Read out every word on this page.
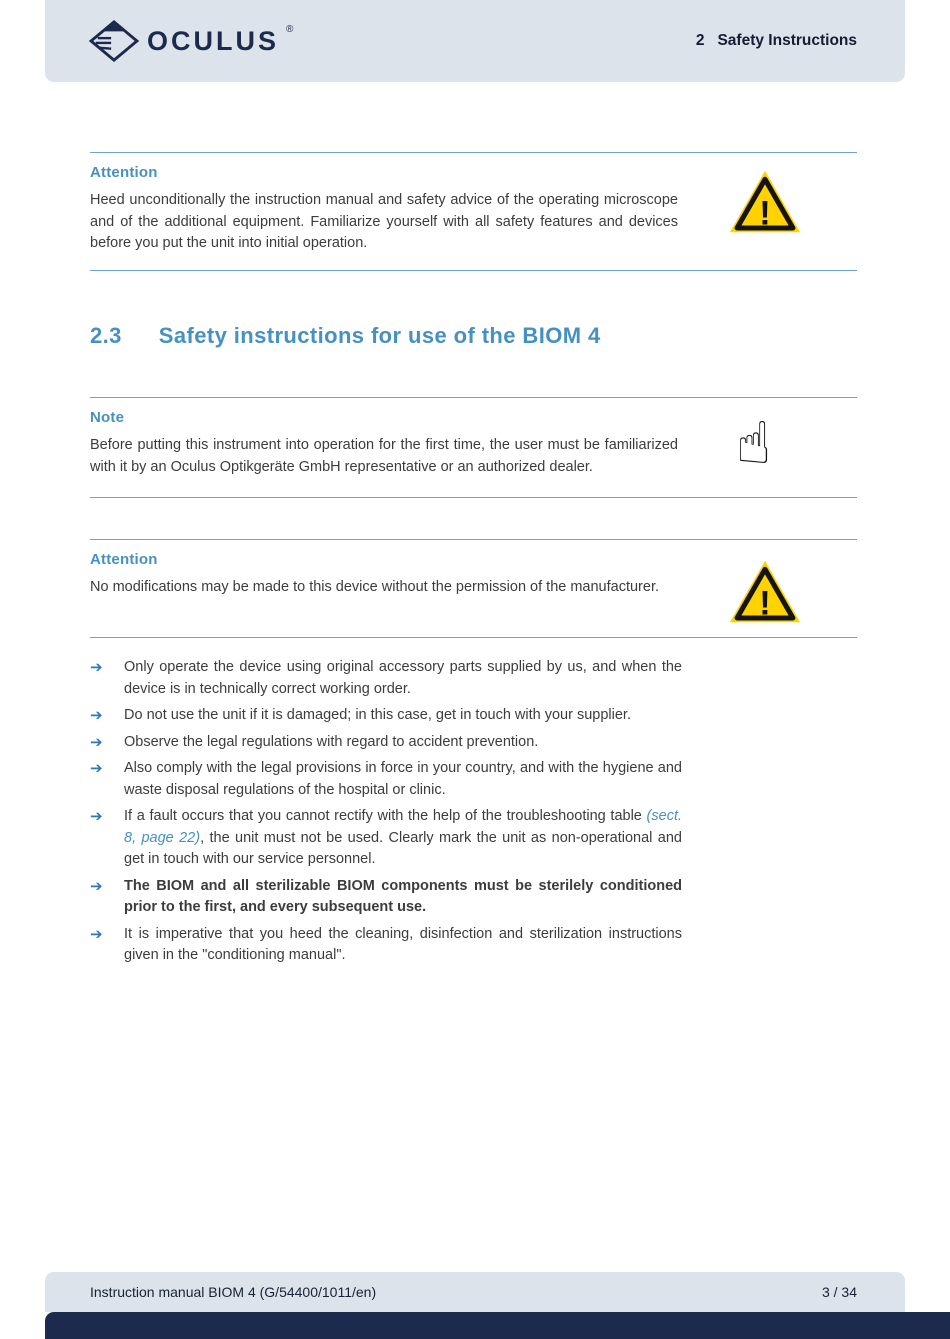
OCULUS ®
2 Safety Instructions
Attention

Heed unconditionally the instruction manual and safety advice of the operating microscope and of the additional equipment. Familiarize yourself with all safety features and devices before you put the unit into initial operation.

!
2.3 Safety instructions for use of the BIOM 4
Note

Before putting this instrument into operation for the first time, the user must be familiarized with it by an Oculus Optikgeräte GmbH representative or an authorized dealer.	☝
Attention

No modifications may be made to this device without the permission of the manufacturer.	!
➔	Only operate the device using original accessory parts supplied by us, and when the device is in technically correct working order.
➔	Do not use the unit if it is damaged; in this case, get in touch with your supplier.
➔	Observe the legal regulations with regard to accident prevention.
➔	Also comply with the legal provisions in force in your country, and with the hygiene and waste disposal regulations of the hospital or clinic.
➔	If a fault occurs that you cannot rectify with the help of the troubleshooting table (sect. 8, page 22), the unit must not be used. Clearly mark the unit as non-operational and get in touch with our service personnel.
➔	The BIOM and all sterilizable BIOM components must be sterilely conditioned prior to the first, and every subsequent use.
➔	It is imperative that you heed the cleaning, disinfection and sterilization instructions given in the "conditioning manual".
Instruction manual BIOM 4 (G/54400/1011/en)	3 / 34
